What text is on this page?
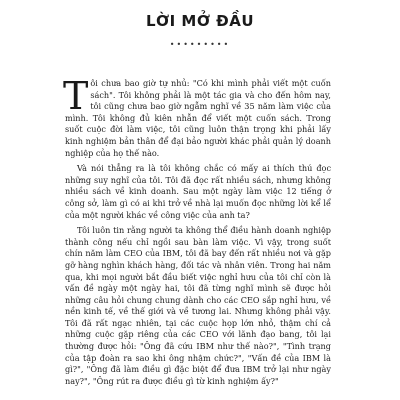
LỜI MỞ ĐẦU
•••••••••

Tôi chưa bao giờ tự nhủ: "Có khi mình phải viết một cuốn sách". Tôi không phải là một tác gia và cho đến hôm nay, tôi cũng chưa bao giờ ngẫm nghĩ về 35 năm làm việc của mình. Tôi không đủ kiên nhẫn để viết một cuốn sách. Trong suốt cuộc đời làm việc, tôi cũng luôn thận trọng khi phải lấy kinh nghiệm bản thân để đại bảo người khác phải quản lý doanh nghiệp của họ thế nào.

Và nói thẳng ra là tôi không chắc có mấy ai thích thú đọc những suy nghĩ của tôi. Tôi đã đọc rất nhiều sách, nhưng không nhiều sách về kinh doanh. Sau một ngày làm việc 12 tiếng ở công sở, làm gì có ai khi trở về nhà lại muốn đọc những lời kể lể của một người khác về công việc của anh ta?

Tôi luôn tin rằng người ta không thể điều hành doanh nghiệp thành công nếu chỉ ngồi sau bàn làm việc. Vì vậy, trong suốt chín năm làm CEO của IBM, tôi đã bay đến rất nhiều nơi và gặp gỡ hàng nghìn khách hàng, đối tác và nhân viên. Trong hai năm qua, khi mọi người bắt đầu biết việc nghỉ hưu của tôi chỉ còn là vấn đề ngày một ngày hai, tôi đã từng nghĩ mình sẽ được hỏi những câu hỏi chung chung dành cho các CEO sắp nghỉ hưu, về nền kinh tế, về thế giới và về tương lai. Nhưng không phải vậy. Tôi đã rất ngạc nhiên, tại các cuộc họp lớn nhỏ, thậm chí cả những cuộc gặp riêng của các CEO với lãnh đạo bang, tôi lại thường được hỏi: "Ông đã cứu IBM như thế nào?", "Tình trạng của tập đoàn ra sao khi ông nhậm chức?", "Vấn đề của IBM là gì?", "Ông đã làm điều gì đặc biệt để đưa IBM trở lại như ngày nay?", "Ông rút ra được điều gì từ kinh nghiệm ấy?"
